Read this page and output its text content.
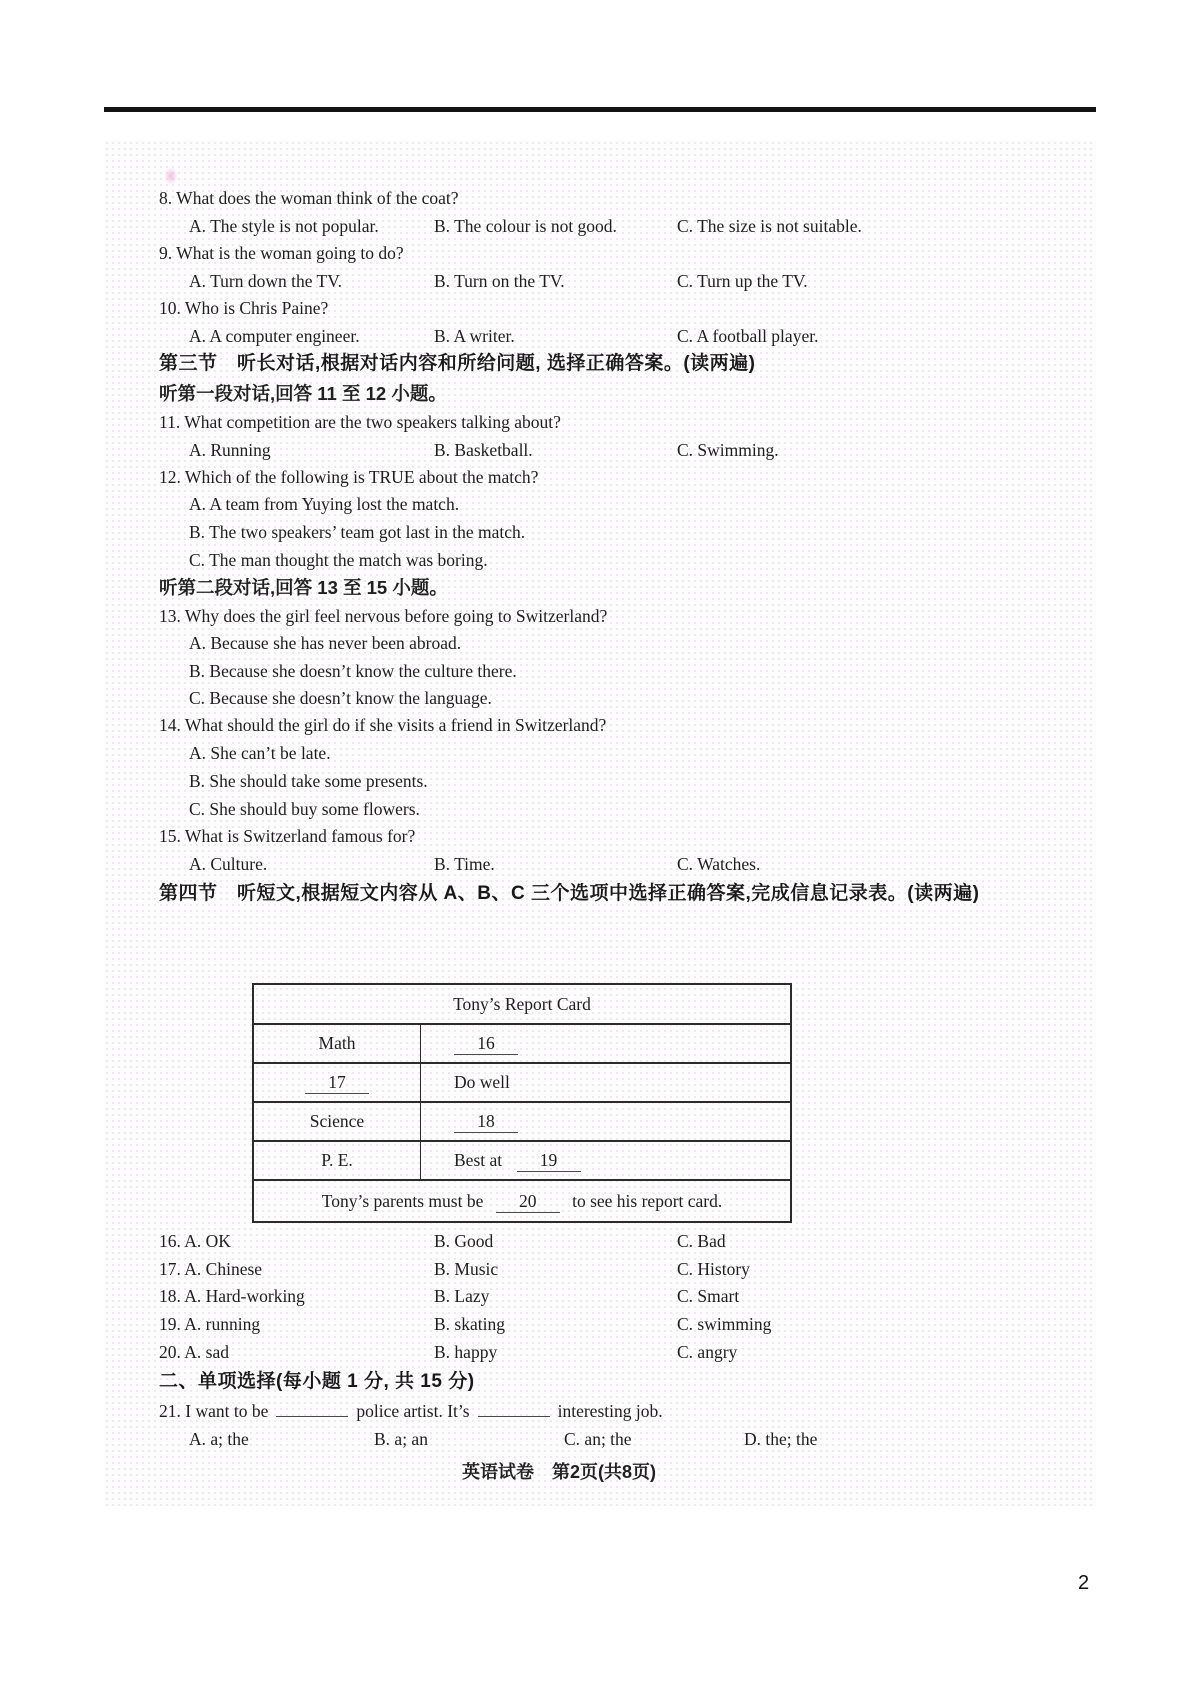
8. What does the woman think of the coat?
A. The style is not popular.	B. The colour is not good.	C. The size is not suitable.
9. What is the woman going to do?
A. Turn down the TV.	B. Turn on the TV.	C. Turn up the TV.
10. Who is Chris Paine?
A. A computer engineer.	B. A writer.	C. A football player.
第三节　听长对话,根据对话内容和所给问题, 选择正确答案。(读两遍)
听第一段对话,回答 11 至 12 小题。
11. What competition are the two speakers talking about?
A. Running	B. Basketball.	C. Swimming.
12. Which of the following is TRUE about the match?
A. A team from Yuying lost the match.
B. The two speakers’ team got last in the match.
C. The man thought the match was boring.
听第二段对话,回答 13 至 15 小题。
13. Why does the girl feel nervous before going to Switzerland?
A. Because she has never been abroad.
B. Because she doesn’t know the culture there.
C. Because she doesn’t know the language.
14. What should the girl do if she visits a friend in Switzerland?
A. She can’t be late.
B. She should take some presents.
C. She should buy some flowers.
15. What is Switzerland famous for?
A. Culture.	B. Time.	C. Watches.
第四节　听短文,根据短文内容从 A、B、C 三个选项中选择正确答案,完成信息记录表。(读两遍)
Tony’s Report Card
Math	16
17	Do well
Science	18
P. E.	Best at 19
Tony’s parents must be 20 to see his report card.
16. A. OK	B. Good	C. Bad
17. A. Chinese	B. Music	C. History
18. A. Hard-working	B. Lazy	C. Smart
19. A. running	B. skating	C. swimming
20. A. sad	B. happy	C. angry
二、单项选择(每小题 1 分, 共 15 分)
21. I want to be	police artist. It’s	interesting job.
A. a; the	B. a; an	C. an; the	D. the; the
英语试卷　第2页(共8页)
2
